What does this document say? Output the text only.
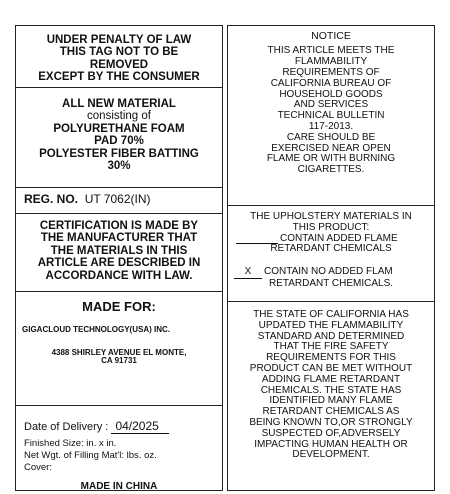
UNDER PENALTY OF LAW
THIS TAG NOT TO BE
REMOVED
EXCEPT BY THE CONSUMER
ALL NEW MATERIAL
consisting of
POLYURETHANE FOAM
PAD 70%
POLYESTER FIBER BATTING
30%
REG. NO. UT 7062(IN)
CERTIFICATION IS MADE BY
THE MANUFACTURER THAT
THE MATERIALS IN THIS
ARTICLE ARE DESCRIBED IN
ACCORDANCE WITH LAW.
MADE FOR:
GIGACLOUD TECHNOLOGY(USA) INC.
4388 SHIRLEY AVENUE EL MONTE,
CA 91731
Date of Delivery : 04/2025
Finished Size: in. x in.
Net Wgt. of Filling Mat'l: lbs. oz.
Cover:
MADE IN CHINA
NOTICE
THIS ARTICLE MEETS THE
FLAMMABILITY
REQUIREMENTS OF
CALIFORNIA BUREAU OF
HOUSEHOLD GOODS
AND SERVICES
TECHNICAL BULLETIN
117-2013.
CARE SHOULD BE
EXERCISED NEAR OPEN
FLAME OR WITH BURNING
CIGARETTES.
THE UPHOLSTERY MATERIALS IN
THIS PRODUCT:
CONTAIN ADDED FLAME
RETARDANT CHEMICALS
X CONTAIN NO ADDED FLAM
RETARDANT CHEMICALS.
THE STATE OF CALIFORNIA HAS
UPDATED THE FLAMMABILITY
STANDARD AND DETERMINED
THAT THE FIRE SAFETY
REQUIREMENTS FOR THIS
PRODUCT CAN BE MET WITHOUT
ADDING FLAME RETARDANT
CHEMICALS. THE STATE HAS
IDENTIFIED MANY FLAME
RETARDANT CHEMICALS AS
BEING KNOWN TO,OR STRONGLY
SUSPECTED OF,ADVERSELY
IMPACTING HUMAN HEALTH OR
DEVELOPMENT.
